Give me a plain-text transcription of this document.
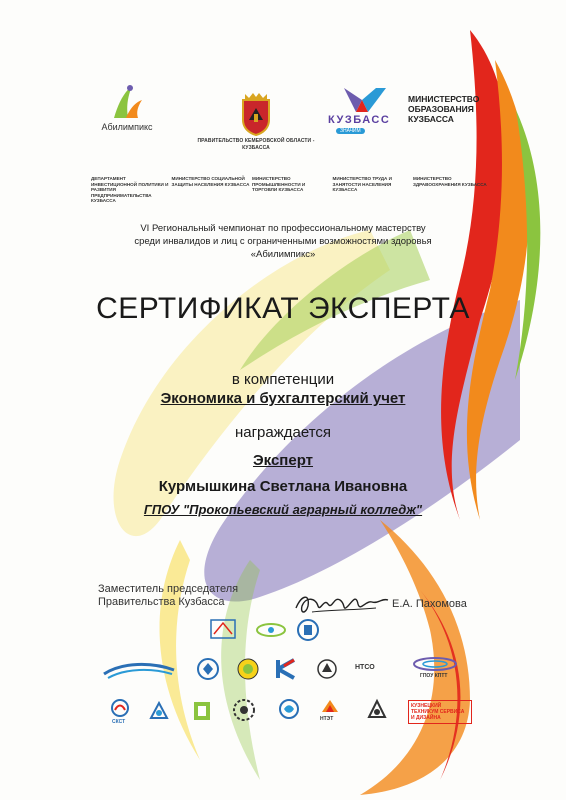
Абилимпикс
ПРАВИТЕЛЬСТВО КЕМЕРОВСКОЙ ОБЛАСТИ - КУЗБАССА
КУЗБАСС
ЗНАЧИМ
МИНИСТЕРСТВО ОБРАЗОВАНИЯ КУЗБАССА
ДЕПАРТАМЕНТ ИНВЕСТИЦИОННОЙ ПОЛИТИКИ И РАЗВИТИЯ ПРЕДПРИНИМАТЕЛЬСТВА КУЗБАССА
МИНИСТЕРСТВО СОЦИАЛЬНОЙ ЗАЩИТЫ НАСЕЛЕНИЯ КУЗБАССА
МИНИСТЕРСТВО ПРОМЫШЛЕННОСТИ И ТОРГОВЛИ КУЗБАССА
МИНИСТЕРСТВО ТРУДА И ЗАНЯТОСТИ НАСЕЛЕНИЯ КУЗБАССА
МИНИСТЕРСТВО ЗДРАВООХРАНЕНИЯ КУЗБАССА
VI Региональный чемпионат по профессиональному мастерству
среди инвалидов и лиц с ограниченными возможностями здоровья
«Абилимпикс»
СЕРТИФИКАТ ЭКСПЕРТА
в компетенции
Экономика и бухгалтерский учет
награждается
Эксперт
Курмышкина Светлана Ивановна
ГПОУ "Прокопьевский аграрный колледж"
Заместитель председателя
Правительства Кузбасса	Е.А. Пахомова
НТСО
ГПОУ КПТТ
СКСТ	НТЭТ
КУЗНЕЦКИЙ ТЕХНИКУМ СЕРВИСА И ДИЗАЙНА
